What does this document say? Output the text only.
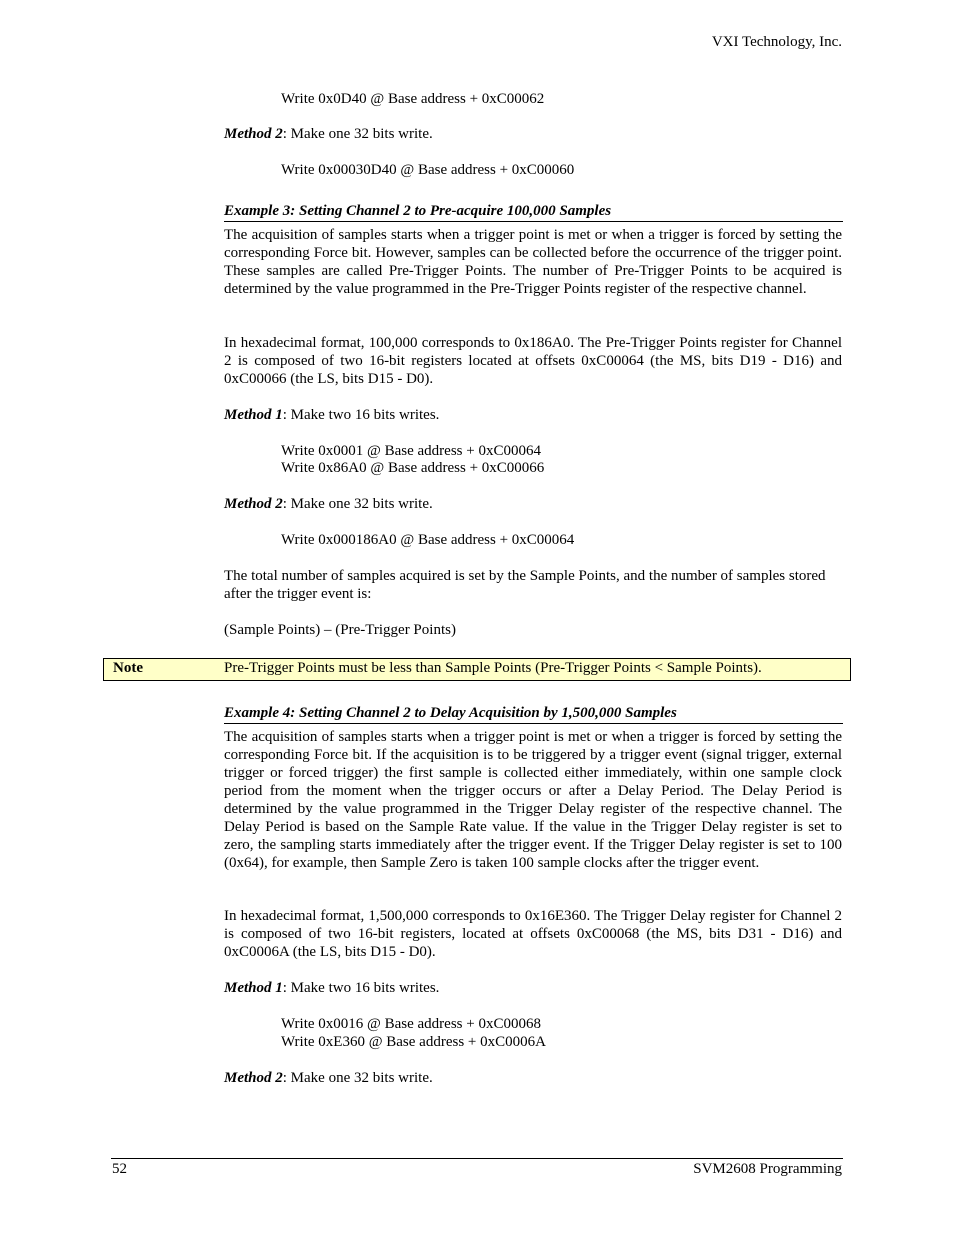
VXI Technology, Inc.
Write 0x0D40 @ Base address + 0xC00062
Method 2: Make one 32 bits write.
Write 0x00030D40 @ Base address + 0xC00060
Example 3: Setting Channel 2 to Pre-acquire 100,000 Samples
The acquisition of samples starts when a trigger point is met or when a trigger is forced by setting the corresponding Force bit. However, samples can be collected before the occurrence of the trigger point. These samples are called Pre-Trigger Points. The number of Pre-Trigger Points to be acquired is determined by the value programmed in the Pre-Trigger Points register of the respective channel.
In hexadecimal format, 100,000 corresponds to 0x186A0. The Pre-Trigger Points register for Channel 2 is composed of two 16-bit registers located at offsets 0xC00064 (the MS, bits D19 - D16) and 0xC00066 (the LS, bits D15 - D0).
Method 1: Make two 16 bits writes.
Write 0x0001 @ Base address + 0xC00064
Write 0x86A0 @ Base address + 0xC00066
Method 2: Make one 32 bits write.
Write 0x000186A0 @ Base address + 0xC00064
The total number of samples acquired is set by the Sample Points, and the number of samples stored after the trigger event is:
(Sample Points) – (Pre-Trigger Points)
Note	Pre-Trigger Points must be less than Sample Points (Pre-Trigger Points < Sample Points).
Example 4: Setting Channel 2 to Delay Acquisition by 1,500,000 Samples
The acquisition of samples starts when a trigger point is met or when a trigger is forced by setting the corresponding Force bit. If the acquisition is to be triggered by a trigger event (signal trigger, external trigger or forced trigger) the first sample is collected either immediately, within one sample clock period from the moment when the trigger occurs or after a Delay Period. The Delay Period is determined by the value programmed in the Trigger Delay register of the respective channel. The Delay Period is based on the Sample Rate value. If the value in the Trigger Delay register is set to zero, the sampling starts immediately after the trigger event. If the Trigger Delay register is set to 100 (0x64), for example, then Sample Zero is taken 100 sample clocks after the trigger event.
In hexadecimal format, 1,500,000 corresponds to 0x16E360. The Trigger Delay register for Channel 2 is composed of two 16-bit registers, located at offsets 0xC00068 (the MS, bits D31 - D16) and 0xC0006A (the LS, bits D15 - D0).
Method 1: Make two 16 bits writes.
Write 0x0016 @ Base address + 0xC00068
Write 0xE360 @ Base address + 0xC0006A
Method 2: Make one 32 bits write.
52	SVM2608 Programming
